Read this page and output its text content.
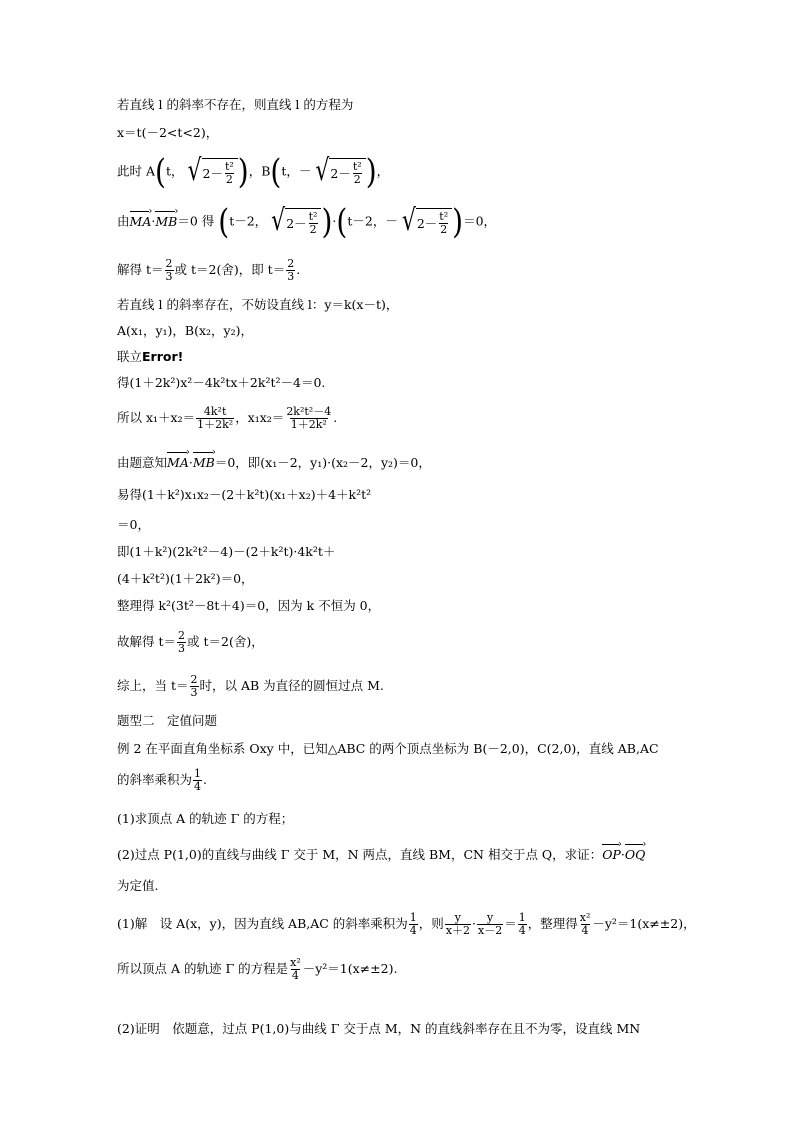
若直线 l 的斜率不存在，则直线 l 的方程为
x＝t(－2<t<2)，
此时 A(t， √ $2- \frac{\text{t²}}{2}$ )，B(t，－ √ $2- \frac{\text{t²}}{2}$ )，
由MA ›·MB ›＝0 得 (t－2， √ $2- \frac{\text{t²}}{2} )\cdot(t-2$，－ √ $2- \frac{\text{t²}}{2} )=0$，
解得 $t= \frac{2}{3}$ 或 t＝2(舍)，即 $t= \frac{2}{3}$ .
若直线 l 的斜率存在，不妨设直线 l：y＝k(x－t)，
A(x₁，y₁)，B(x₂，y₂)，
联立Error!
得(1＋2k²)x²－4k²tx＋2k²t²－4＝0.
所以 $x_1+x_2= \frac{\text{4k²t}}{\text{1＋2k²}}$ ，$x_1x_2= \frac{\text{2k²t²－4}}{\text{1＋2k²}}$ .
由题意知MA ›·MB ›＝0，即(x₁－2，y₁)·(x₂－2，y₂)＝0，
易得(1＋k²)x₁x₂－(2＋k²t)(x₁＋x₂)＋4＋k²t²
＝0，
即(1＋k²)(2k²t²－4)－(2＋k²t)·4k²t＋
(4＋k²t²)(1＋2k²)＝0，
整理得 k²(3t²－8t＋4)＝0，因为 k 不恒为 0，
故解得 $t= \frac{2}{3}$ 或 t＝2(舍)，
综上，当 $t= \frac{2}{3}$ 时，以 AB 为直径的圆恒过点 M.
题型二　定值问题
例 2 在平面直角坐标系 Oxy 中，已知△ABC 的两个顶点坐标为 B(－2,0)，C(2,0)，直线 AB,AC
的斜率乘积为 $\frac{1}{4}$ .
(1)求顶点 A 的轨迹 Γ 的方程；
(2)过点 P(1,0)的直线与曲线 Γ 交于 M，N 两点，直线 BM，CN 相交于点 Q，求证：OP ›·OQ ›
为定值.
(1)解　设 A(x，y)，因为直线 AB,AC 的斜率乘积为 $\frac{1}{4}$ ，则 $\frac{y}{x+2} \cdot \frac{y}{x-2} = \frac{1}{4}$ ，整理得 $\frac{\text{x²}}{4} -y^2=1(x\ne\pm 2)$，
所以顶点 A 的轨迹 Γ 的方程是 $\frac{\text{x²}}{4} -y^2=1(x\ne\pm 2)$.
(2)证明　依题意，过点 P(1,0)与曲线 Γ 交于点 M，N 的直线斜率存在且不为零，设直线 MN
